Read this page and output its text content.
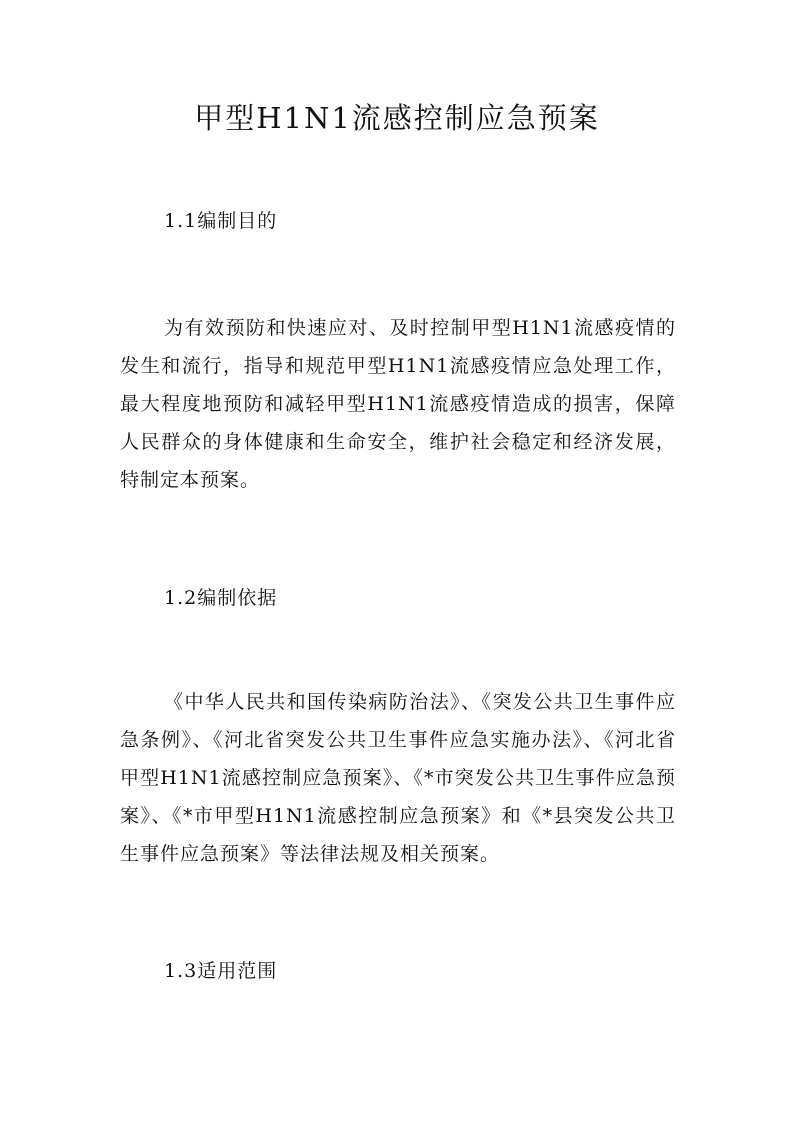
甲型H1N1流感控制应急预案
1.1编制目的

为有效预防和快速应对、及时控制甲型H1N1流感疫情的发生和流行，指导和规范甲型H1N1流感疫情应急处理工作，最大程度地预防和减轻甲型H1N1流感疫情造成的损害，保障人民群众的身体健康和生命安全，维护社会稳定和经济发展，特制定本预案。

1.2编制依据

《中华人民共和国传染病防治法》、《突发公共卫生事件应急条例》、《河北省突发公共卫生事件应急实施办法》、《河北省甲型H1N1流感控制应急预案》、《*市突发公共卫生事件应急预案》、《*市甲型H1N1流感控制应急预案》和《*县突发公共卫生事件应急预案》等法律法规及相关预案。

1.3适用范围
